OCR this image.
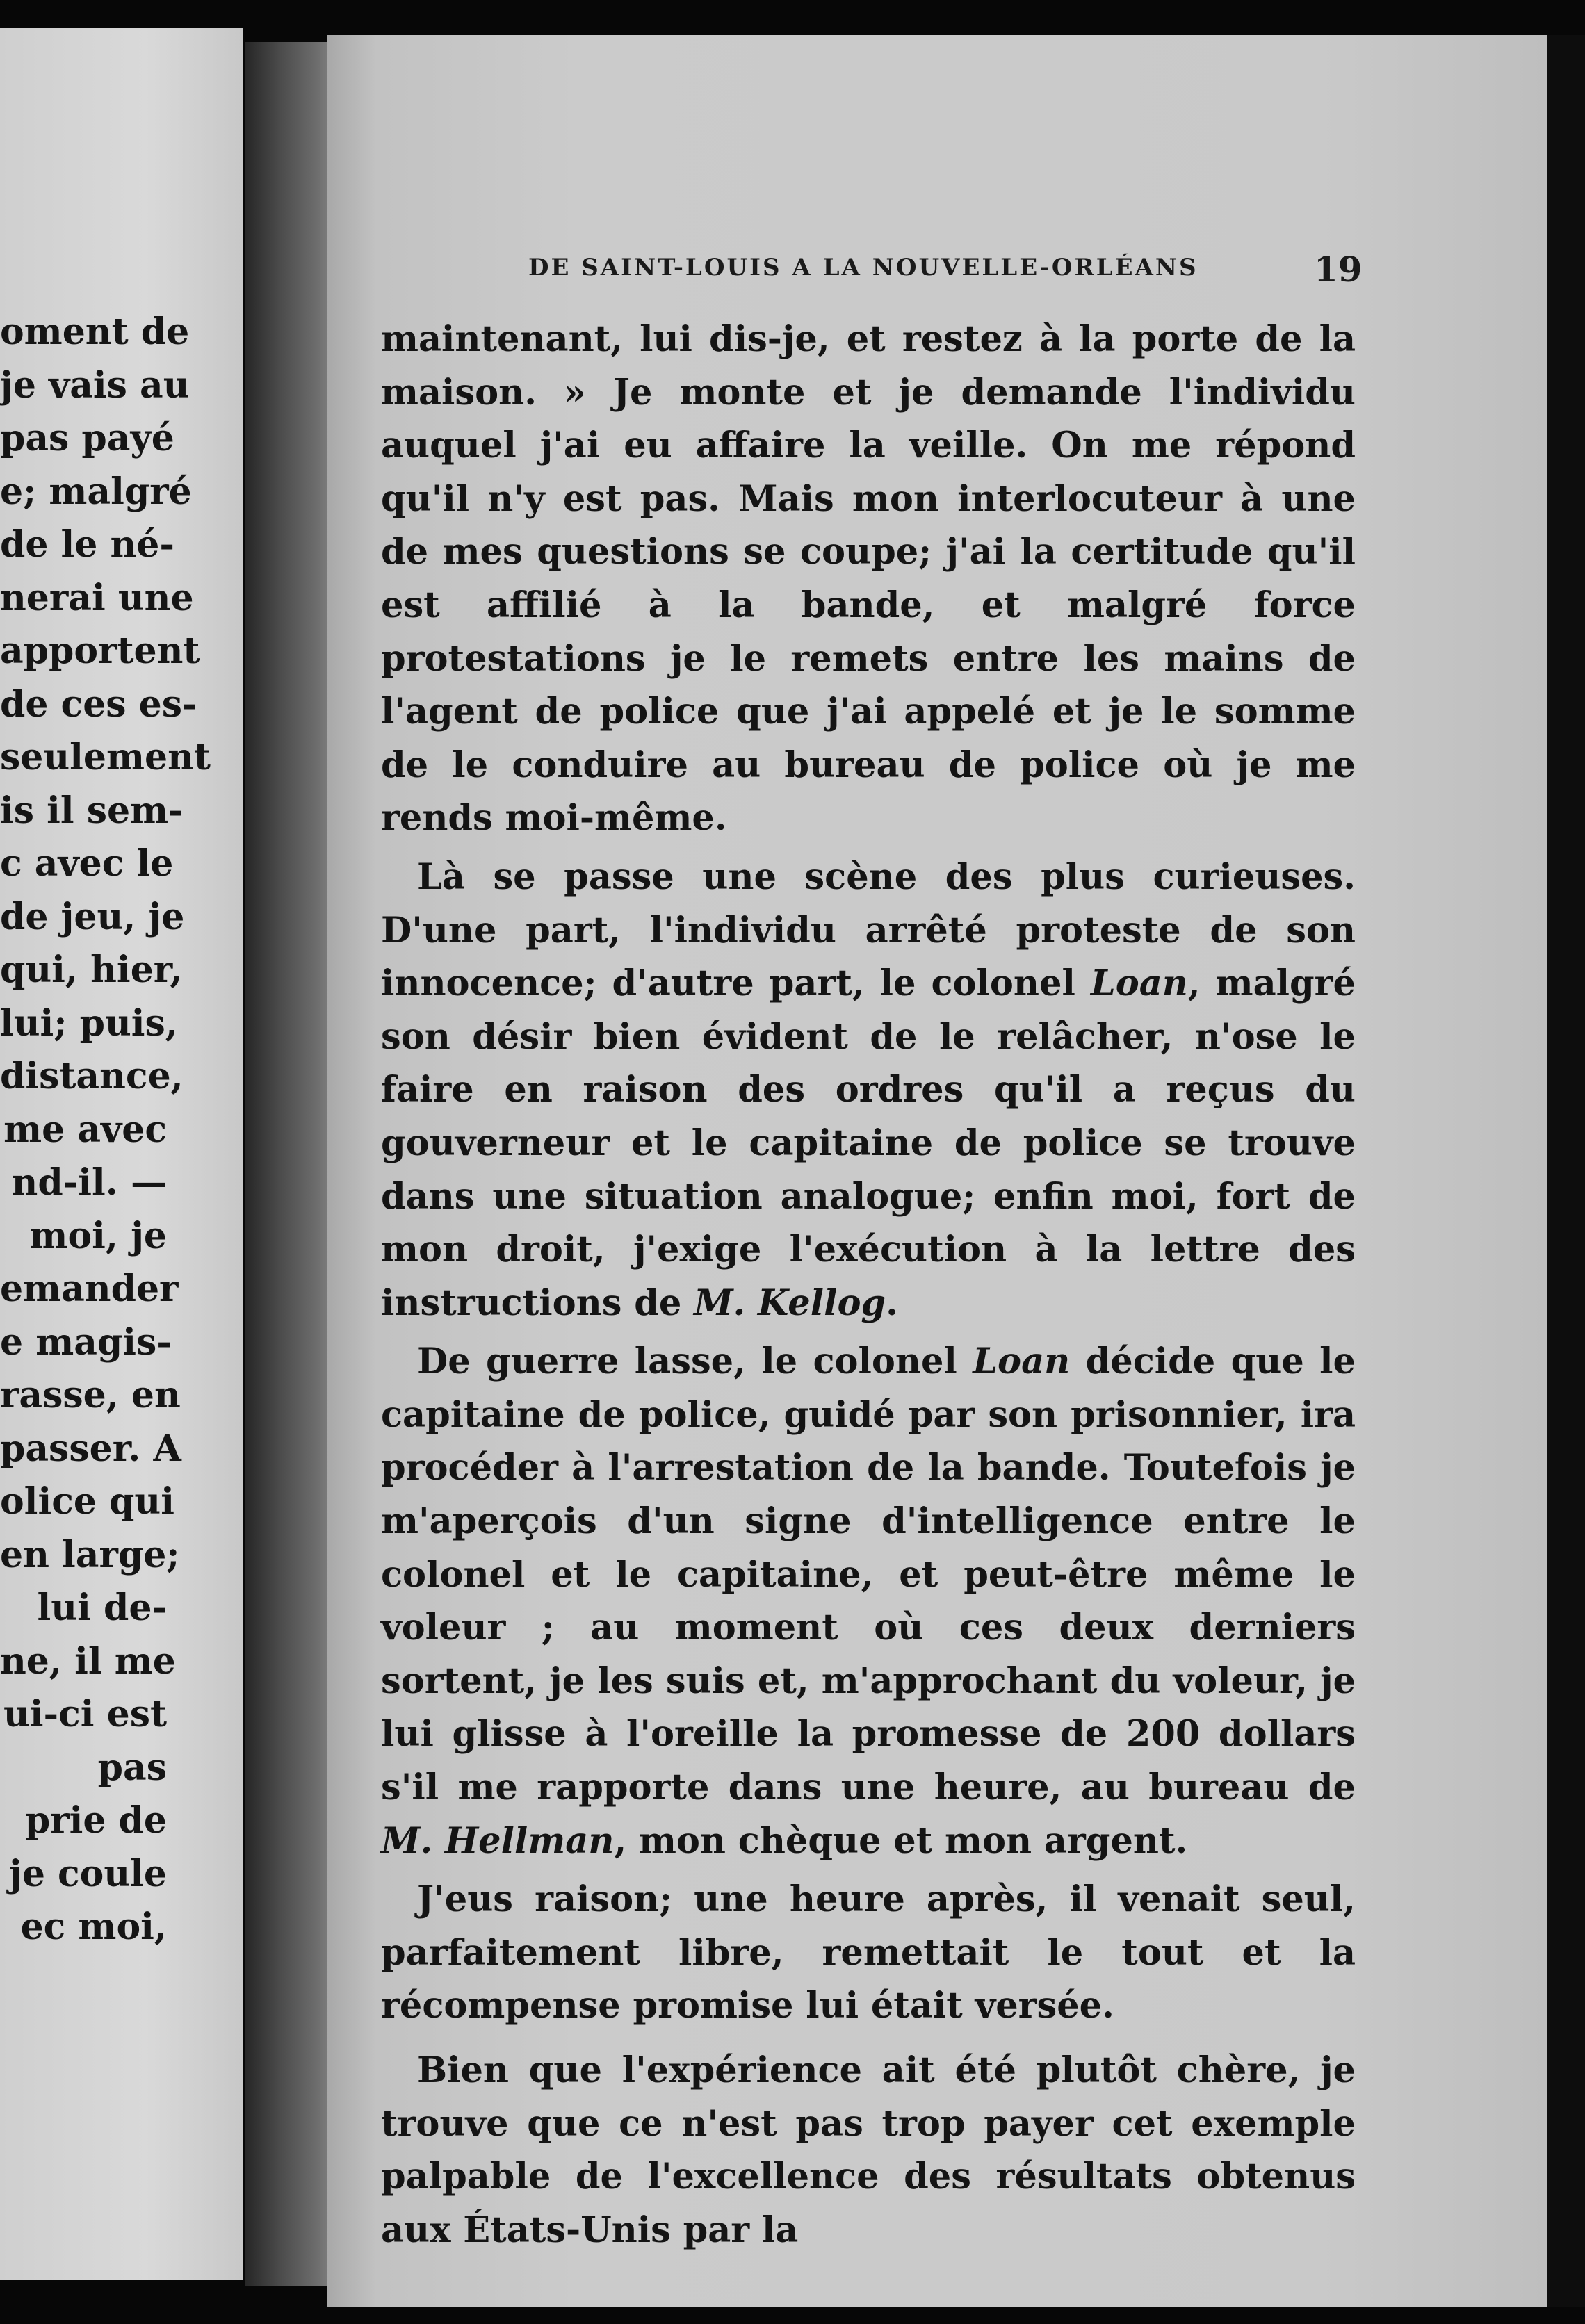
oment de
je vais au
pas payé
e; malgré
de le né-
nerai une
apportent
de ces es-
seulement
is il sem-
c avec le
de jeu, je
qui, hier,
lui; puis,
distance,
me avec
nd-il. —
moi, je
emander
e magis-
rasse, en
passer. A
olice qui
en large;
lui de-
ne, il me
ui-ci est
pas
prie de
je coule
ec moi,
DE SAINT-LOUIS A LA NOUVELLE-ORLÉANS	19

maintenant, lui dis-je, et restez à la porte de la maison. » Je monte et je demande l'individu auquel j'ai eu affaire la veille. On me répond qu'il n'y est pas. Mais mon interlocuteur à une de mes questions se coupe; j'ai la certitude qu'il est affilié à la bande, et malgré force protestations je le remets entre les mains de l'agent de police que j'ai appelé et je le somme de le conduire au bureau de police où je me rends moi-même.

Là se passe une scène des plus curieuses. D'une part, l'individu arrêté proteste de son innocence; d'autre part, le colonel Loan, malgré son désir bien évident de le relâcher, n'ose le faire en raison des ordres qu'il a reçus du gouverneur et le capitaine de police se trouve dans une situation analogue; enfin moi, fort de mon droit, j'exige l'exécution à la lettre des instructions de M. Kellog.

De guerre lasse, le colonel Loan décide que le capitaine de police, guidé par son prisonnier, ira procéder à l'arrestation de la bande. Toutefois je m'aperçois d'un signe d'intelligence entre le colonel et le capitaine, et peut-être même le voleur ; au moment où ces deux derniers sortent, je les suis et, m'approchant du voleur, je lui glisse à l'oreille la promesse de 200 dollars s'il me rapporte dans une heure, au bureau de M. Hellman, mon chèque et mon argent.

J'eus raison; une heure après, il venait seul, parfaitement libre, remettait le tout et la récompense promise lui était versée.

Bien que l'expérience ait été plutôt chère, je trouve que ce n'est pas trop payer cet exemple palpable de l'excellence des résultats obtenus aux États-Unis par la
